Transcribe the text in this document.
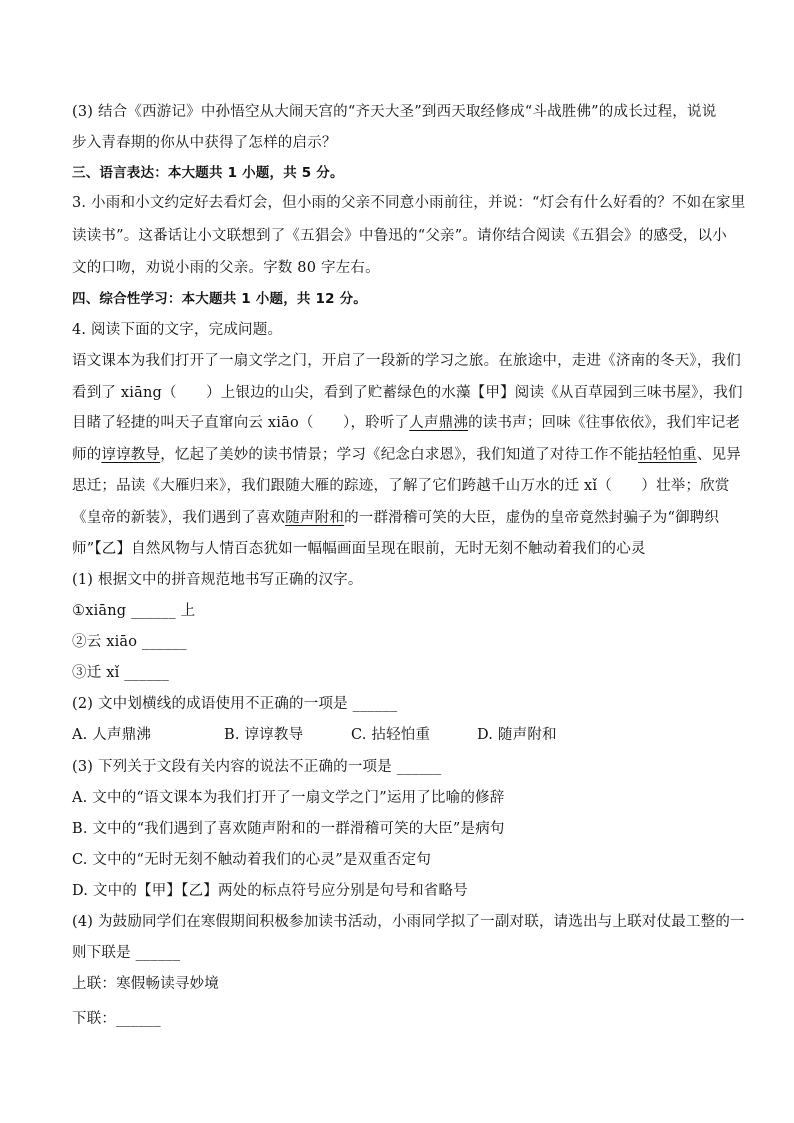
(3) 结合《西游记》中孙悟空从大闹天宫的“齐天大圣”到西天取经修成“斗战胜佛”的成长过程，说说
步入青春期的你从中获得了怎样的启示？
三、语言表达：本大题共 1 小题，共 5 分。
3. 小雨和小文约定好去看灯会，但小雨的父亲不同意小雨前往，并说：“灯会有什么好看的？不如在家里
读读书”。这番话让小文联想到了《五猖会》中鲁迅的“父亲”。请你结合阅读《五猖会》的感受，以小
文的口吻，劝说小雨的父亲。字数 80 字左右。
四、综合性学习：本大题共 1 小题，共 12 分。
4. 阅读下面的文字，完成问题。
语文课本为我们打开了一扇文学之门，开启了一段新的学习之旅。在旅途中，走进《济南的冬天》，我们
看到了 xiāng（　　）上银边的山尖，看到了贮蓄绿色的水藻【甲】阅读《从百草园到三味书屋》，我们
目睹了轻捷的叫天子直窜向云 xiāo（　　），聆听了人声鼎沸的读书声；回味《往事依依》，我们牢记老
师的谆谆教导，忆起了美妙的读书情景；学习《纪念白求恩》，我们知道了对待工作不能拈轻怕重、见异
思迁；品读《大雁归来》，我们跟随大雁的踪迹，了解了它们跨越千山万水的迁 xǐ（　　）壮举；欣赏
《皇帝的新装》，我们遇到了喜欢随声附和的一群滑稽可笑的大臣，虚伪的皇帝竟然封骗子为“御聘织
师”【乙】自然风物与人情百态犹如一幅幅画面呈现在眼前，无时无刻不触动着我们的心灵
(1) 根据文中的拼音规范地书写正确的汉字。
①xiāng ______ 上
②云 xiāo ______
③迁 xǐ ______
(2) 文中划横线的成语使用不正确的一项是 ______
A. 人声鼎沸	B. 谆谆教导	C. 拈轻怕重	D. 随声附和
(3) 下列关于文段有关内容的说法不正确的一项是 ______
A. 文中的“语文课本为我们打开了一扇文学之门”运用了比喻的修辞
B. 文中的“我们遇到了喜欢随声附和的一群滑稽可笑的大臣”是病句
C. 文中的“无时无刻不触动着我们的心灵”是双重否定句
D. 文中的【甲】【乙】两处的标点符号应分别是句号和省略号
(4) 为鼓励同学们在寒假期间积极参加读书活动，小雨同学拟了一副对联，请选出与上联对仗最工整的一
则下联是 ______
上联：寒假畅读寻妙境
下联：______
